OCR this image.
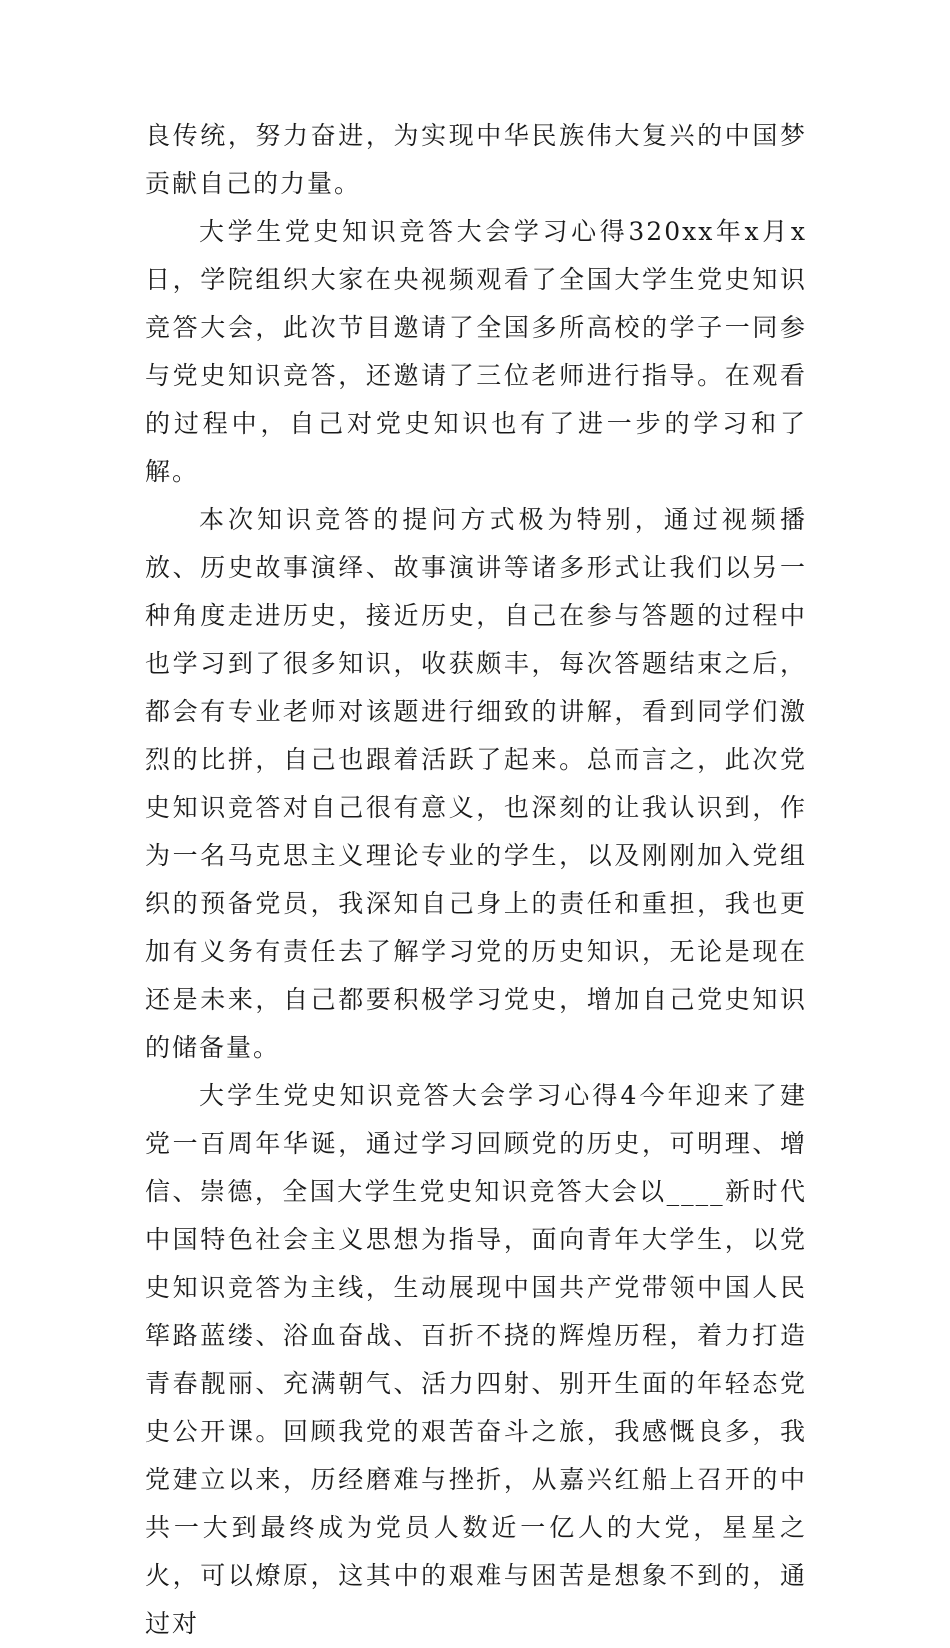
良传统，努力奋进，为实现中华民族伟大复兴的中国梦贡献自己的力量。

大学生党史知识竞答大会学习心得320xx年x月x日，学院组织大家在央视频观看了全国大学生党史知识竞答大会，此次节目邀请了全国多所高校的学子一同参与党史知识竞答，还邀请了三位老师进行指导。在观看的过程中，自己对党史知识也有了进一步的学习和了解。

本次知识竞答的提问方式极为特别，通过视频播放、历史故事演绎、故事演讲等诸多形式让我们以另一种角度走进历史，接近历史，自己在参与答题的过程中也学习到了很多知识，收获颇丰，每次答题结束之后，都会有专业老师对该题进行细致的讲解，看到同学们激烈的比拼，自己也跟着活跃了起来。总而言之，此次党史知识竞答对自己很有意义，也深刻的让我认识到，作为一名马克思主义理论专业的学生，以及刚刚加入党组织的预备党员，我深知自己身上的责任和重担，我也更加有义务有责任去了解学习党的历史知识，无论是现在还是未来，自己都要积极学习党史，增加自己党史知识的储备量。

大学生党史知识竞答大会学习心得4今年迎来了建党一百周年华诞，通过学习回顾党的历史，可明理、增信、崇德，全国大学生党史知识竞答大会以____新时代中国特色社会主义思想为指导，面向青年大学生，以党史知识竞答为主线，生动展现中国共产党带领中国人民筚路蓝缕、浴血奋战、百折不挠的辉煌历程，着力打造青春靓丽、充满朝气、活力四射、别开生面的年轻态党史公开课。回顾我党的艰苦奋斗之旅，我感慨良多，我党建立以来，历经磨难与挫折，从嘉兴红船上召开的中共一大到最终成为党员人数近一亿人的大党，星星之火，可以燎原，这其中的艰难与困苦是想象不到的，通过对
